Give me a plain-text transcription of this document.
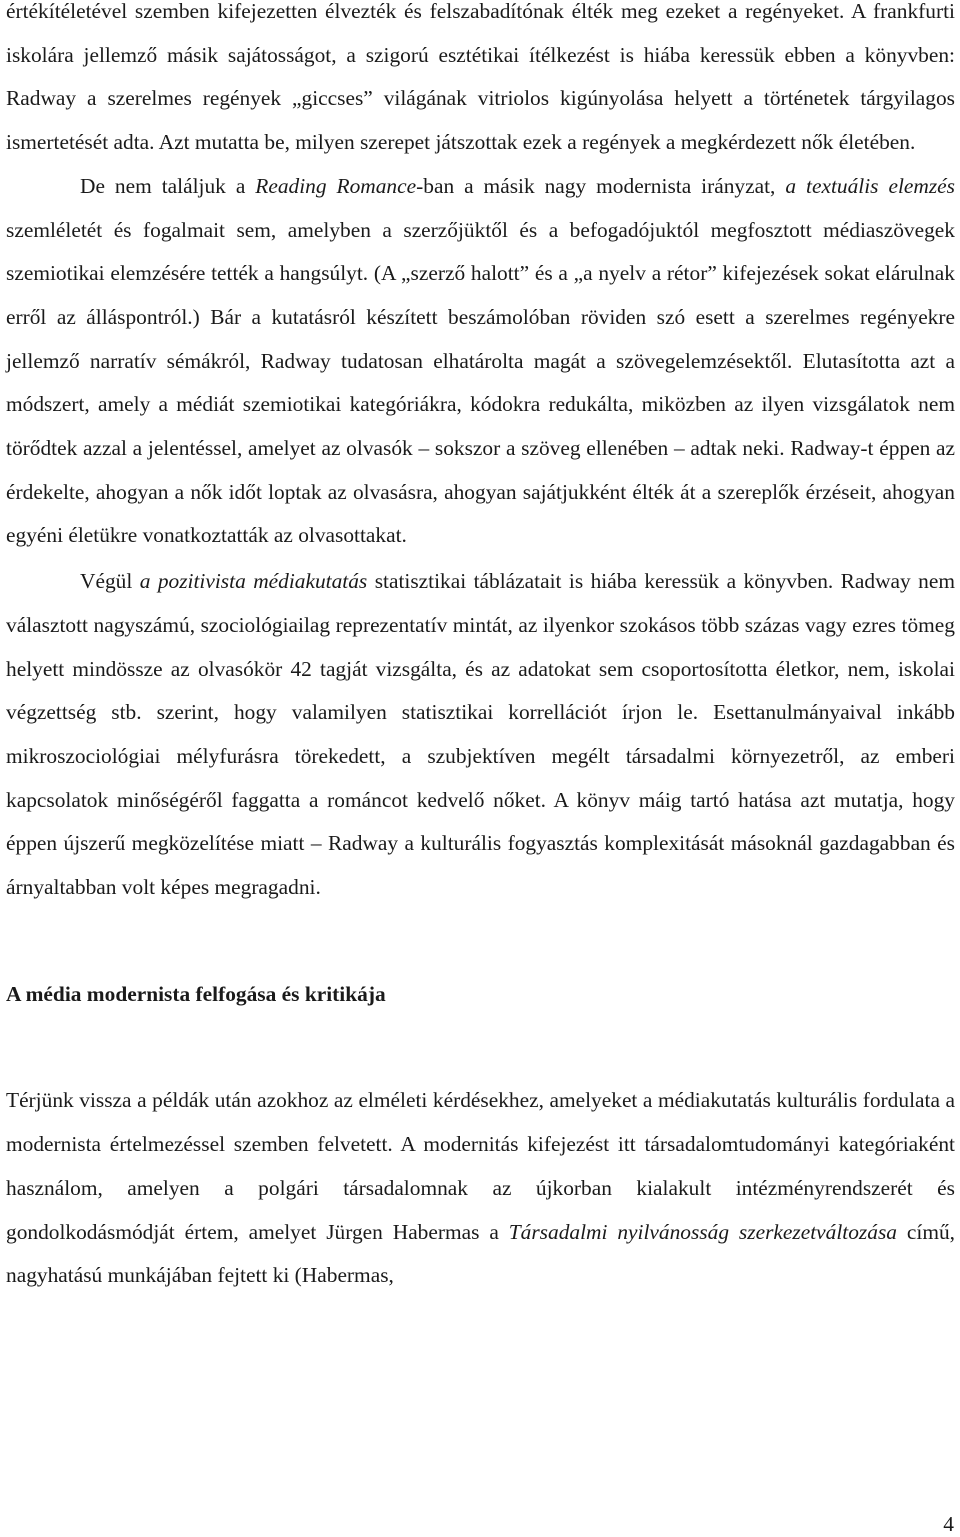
értékítéletével szemben kifejezetten élvezték és felszabadítónak élték meg ezeket a regényeket. A frankfurti iskolára jellemző másik sajátosságot, a szigorú esztétikai ítélkezést is hiába keressük ebben a könyvben: Radway a szerelmes regények „giccses” világának vitriolos kigúnyolása helyett a történetek tárgyilagos ismertetését adta. Azt mutatta be, milyen szerepet játszottak ezek a regények a megkérdezett nők életében.

De nem találjuk a Reading Romance-ban a másik nagy modernista irányzat, a textuális elemzés szemléletét és fogalmait sem, amelyben a szerzőjüktől és a befogadójuktól megfosztott médiaszövegek szemiotikai elemzésére tették a hangsúlyt. (A „szerző halott” és a „a nyelv a rétor” kifejezések sokat elárulnak erről az álláspontról.) Bár a kutatásról készített beszámolóban röviden szó esett a szerelmes regényekre jellemző narratív sémákról, Radway tudatosan elhatárolta magát a szövegelemzésektől. Elutasította azt a módszert, amely a médiát szemiotikai kategóriákra, kódokra redukálta, miközben az ilyen vizsgálatok nem törődtek azzal a jelentéssel, amelyet az olvasók – sokszor a szöveg ellenében – adtak neki. Radway-t éppen az érdekelte, ahogyan a nők időt loptak az olvasásra, ahogyan sajátjukként élték át a szereplők érzéseit, ahogyan egyéni életükre vonatkoztatták az olvasottakat.

Végül a pozitivista médiakutatás statisztikai táblázatait is hiába keressük a könyvben. Radway nem választott nagyszámú, szociológiailag reprezentatív mintát, az ilyenkor szokásos több százas vagy ezres tömeg helyett mindössze az olvasókör 42 tagját vizsgálta, és az adatokat sem csoportosította életkor, nem, iskolai végzettség stb. szerint, hogy valamilyen statisztikai korrellációt írjon le. Esettanulmányaival inkább mikroszociológiai mélyfurásra törekedett, a szubjektíven megélt társadalmi környezetről, az emberi kapcsolatok minőségéről faggatta a románcot kedvelő nőket. A könyv máig tartó hatása azt mutatja, hogy éppen újszerű megközelítése miatt – Radway a kulturális fogyasztás komplexitását másoknál gazdagabban és árnyaltabban volt képes megragadni.

A média modernista felfogása és kritikája

Térjünk vissza a példák után azokhoz az elméleti kérdésekhez, amelyeket a médiakutatás kulturális fordulata a modernista értelmezéssel szemben felvetett. A modernitás kifejezést itt társadalomtudományi kategóriaként használom, amelyen a polgári társadalomnak az újkorban kialakult intézményrendszerét és gondolkodásmódját értem, amelyet Jürgen Habermas a Társadalmi nyilvánosság szerkezetváltozása című, nagyhatású munkájában fejtett ki (Habermas,

4
